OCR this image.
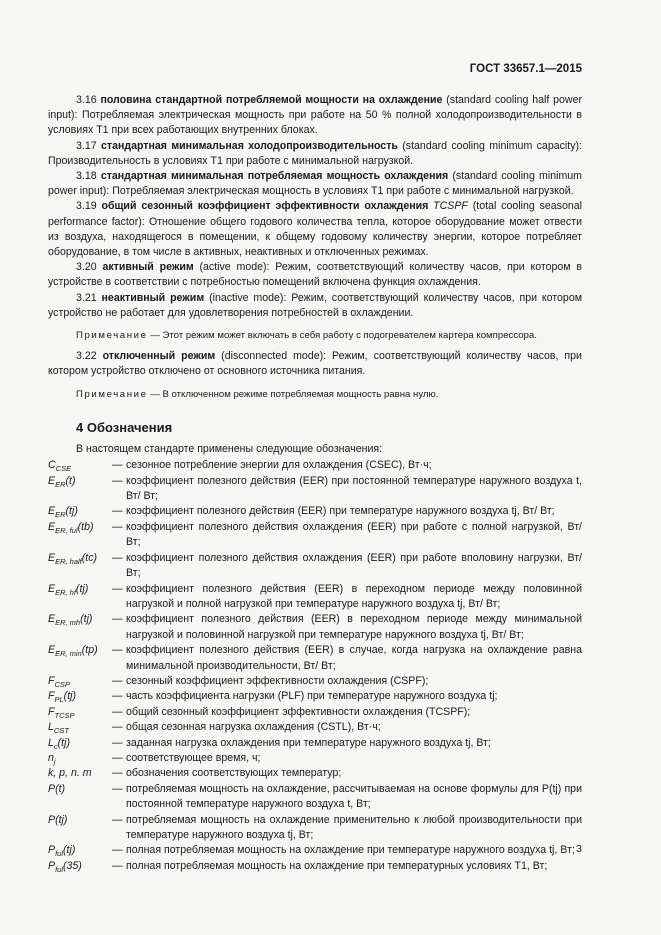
ГОСТ 33657.1—2015

3.16 половина стандартной потребляемой мощности на охлаждение (standard cooling half power input): Потребляемая электрическая мощность при работе на 50 % полной холодопроизводительности в условиях Т1 при всех работающих внутренних блоках.

3.17 стандартная минимальная холодопроизводительность (standard cooling minimum capacity): Производительность в условиях Т1 при работе с минимальной нагрузкой.

3.18 стандартная минимальная потребляемая мощность охлаждения (standard cooling minimum power input): Потребляемая электрическая мощность в условиях Т1 при работе с минимальной нагрузкой.

3.19 общий сезонный коэффициент эффективности охлаждения TCSPF (total cooling seasonal performance factor): Отношение общего годового количества тепла, которое оборудование может отвести из воздуха, находящегося в помещении, к общему годовому количеству энергии, которое потребляет оборудование, в том числе в активных, неактивных и отключенных режимах.

3.20 активный режим (active mode): Режим, соответствующий количеству часов, при котором в устройстве в соответствии с потребностью помещений включена функция охлаждения.

3.21 неактивный режим (inactive mode): Режим, соответствующий количеству часов, при котором устройство не работает для удовлетворения потребностей в охлаждении.

Примечание — Этот режим может включать в себя работу с подогревателем картера компрессора.

3.22 отключенный режим (disconnected mode): Режим, соответствующий количеству часов, при котором устройство отключено от основного источника питания.

Примечание — В отключенном режиме потребляемая мощность равна нулю.

4 Обозначения

В настоящем стандарте применены следующие обозначения:

$C_{CSE}$	—	сезонное потребление энергии для охлаждения (CSEC), Вт·ч;
$E_{ER}(t)$	—	коэффициент полезного действия (EER) при постоянной температуре наружного воздуха t, Вт/ Вт;
$E_{ER}(tj)$	—	коэффициент полезного действия (EER) при температуре наружного воздуха tj, Вт/ Вт;
$E_{ER, ful}(tb)$	—	коэффициент полезного действия охлаждения (EER) при работе с полной нагрузкой, Вт/ Вт;
$E_{ER, half}(tc)$	—	коэффициент полезного действия охлаждения (EER) при работе вполовину нагрузки, Вт/ Вт;
$E_{ER, hf}(tj)$	—	коэффициент полезного действия (EER) в переходном периоде между половинной нагрузкой и полной нагрузкой при температуре наружного воздуха tj, Вт/ Вт;
$E_{ER, mh}(tj)$	—	коэффициент полезного действия (EER) в переходном периоде между минимальной нагрузкой и половинной нагрузкой при температуре наружного воздуха tj, Вт/ Вт;
$E_{ER, min}(tp)$	—	коэффициент полезного действия (EER) в случае, когда нагрузка на охлаждение равна минимальной производительности, Вт/ Вт;
$F_{CSP}$	—	сезонный коэффициент эффективности охлаждения (CSPF);
$F_{PL}(tj)$	—	часть коэффициента нагрузки (PLF) при температуре наружного воздуха tj;
$F_{TCSP}$	—	общий сезонный коэффициент эффективности охлаждения (TCSPF);
$L_{CST}$	—	общая сезонная нагрузка охлаждения (CSTL), Вт·ч;
$L_c(tj)$	—	заданная нагрузка охлаждения при температуре наружного воздуха tj, Вт;
$n_j$	—	соответствующее время, ч;
k, p, n. m	—	обозначения соответствующих температур;
P(t)	—	потребляемая мощность на охлаждение, рассчитываемая на основе формулы для P(tj) при постоянной температуре наружного воздуха t, Вт;
P(tj)	—	потребляемая мощность на охлаждение применительно к любой производительности при температуре наружного воздуха tj, Вт;
$P_{ful}(tj)$	—	полная потребляемая мощность на охлаждение при температуре наружного воздуха tj, Вт;
$P_{ful}(35)$	—	полная потребляемая мощность на охлаждение при температурных условиях Т1, Вт;
3
